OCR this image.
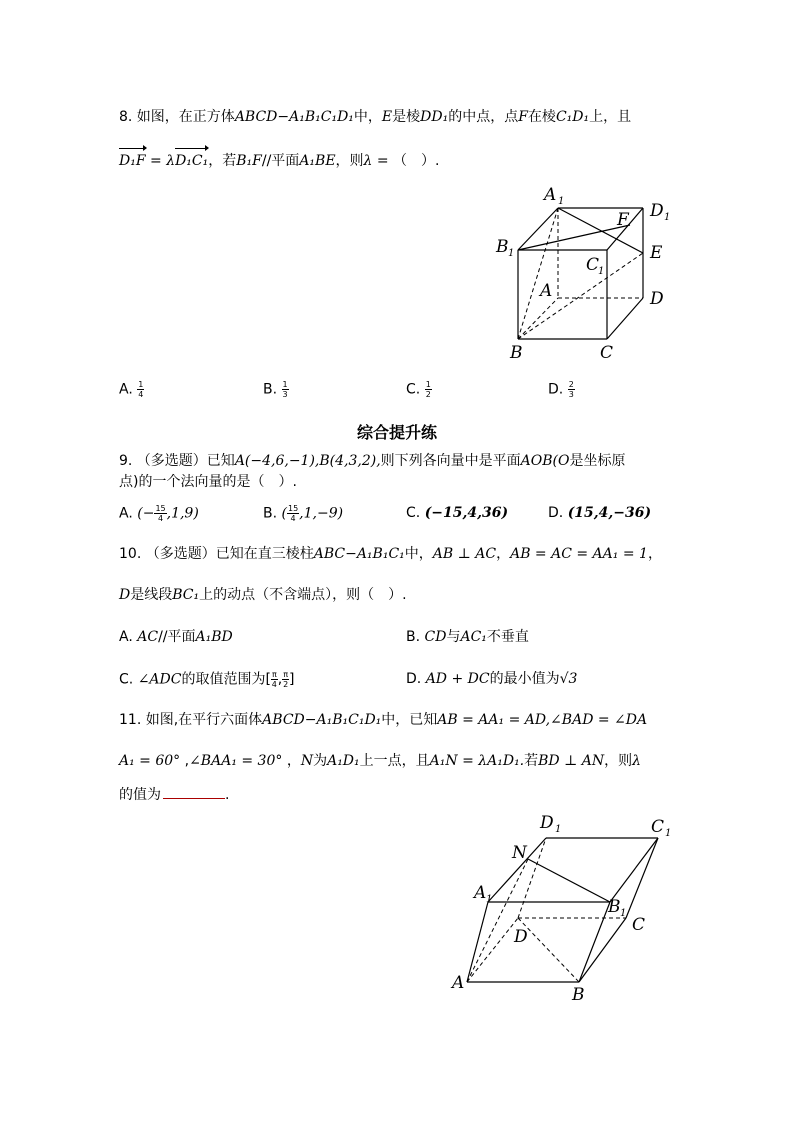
8. 如图，在正方体ABCD−A₁B₁C₁D₁中，E是棱DD₁的中点，点F在棱C₁D₁上，且
D₁F = λD₁C₁，若B₁F//平面A₁BE，则λ = （　）.
A 1	D 1
F
B 1	E
C
1
A	D
B	C
A. $\frac{1}{4}$	B. $\frac{1}{3}$	C. $\frac{1}{2}$	D. $\frac{2}{3}$
综合提升练
9. （多选题）已知A(−4,6,−1),B(4,3,2),则下列各向量中是平面AOB(O是坐标原
点)的一个法向量的是（　）.
A. (− $\frac{15}{4} ,1,9$)	B. ( $\frac{15}{4} ,1,-9$)	C. (−15,4,36)	D. (15,4,−36)
10. （多选题）已知在直三棱柱ABC−A₁B₁C₁中，AB ⊥ AC，AB = AC = AA₁ = 1，
D是线段BC₁上的动点（不含端点），则（　）.
A. AC//平面A₁BD	B. CD与AC₁不垂直
C. ∠ADC的取值范围为[ $\frac{\pi}{4}$ , $\frac{\pi}{2}$ ]	D. AD + DC的最小值为√3
11. 如图,在平行六面体ABCD−A₁B₁C₁D₁中，已知AB = AA₁ = AD,∠BAD = ∠DA
A₁ = 60° ,∠BAA₁ = 30° ，N为A₁D₁上一点，且A₁N = λA₁D₁.若BD ⊥ AN，则λ
的值为	.
D 1	C 1
N
A 1	B 1
C
D
A
B
